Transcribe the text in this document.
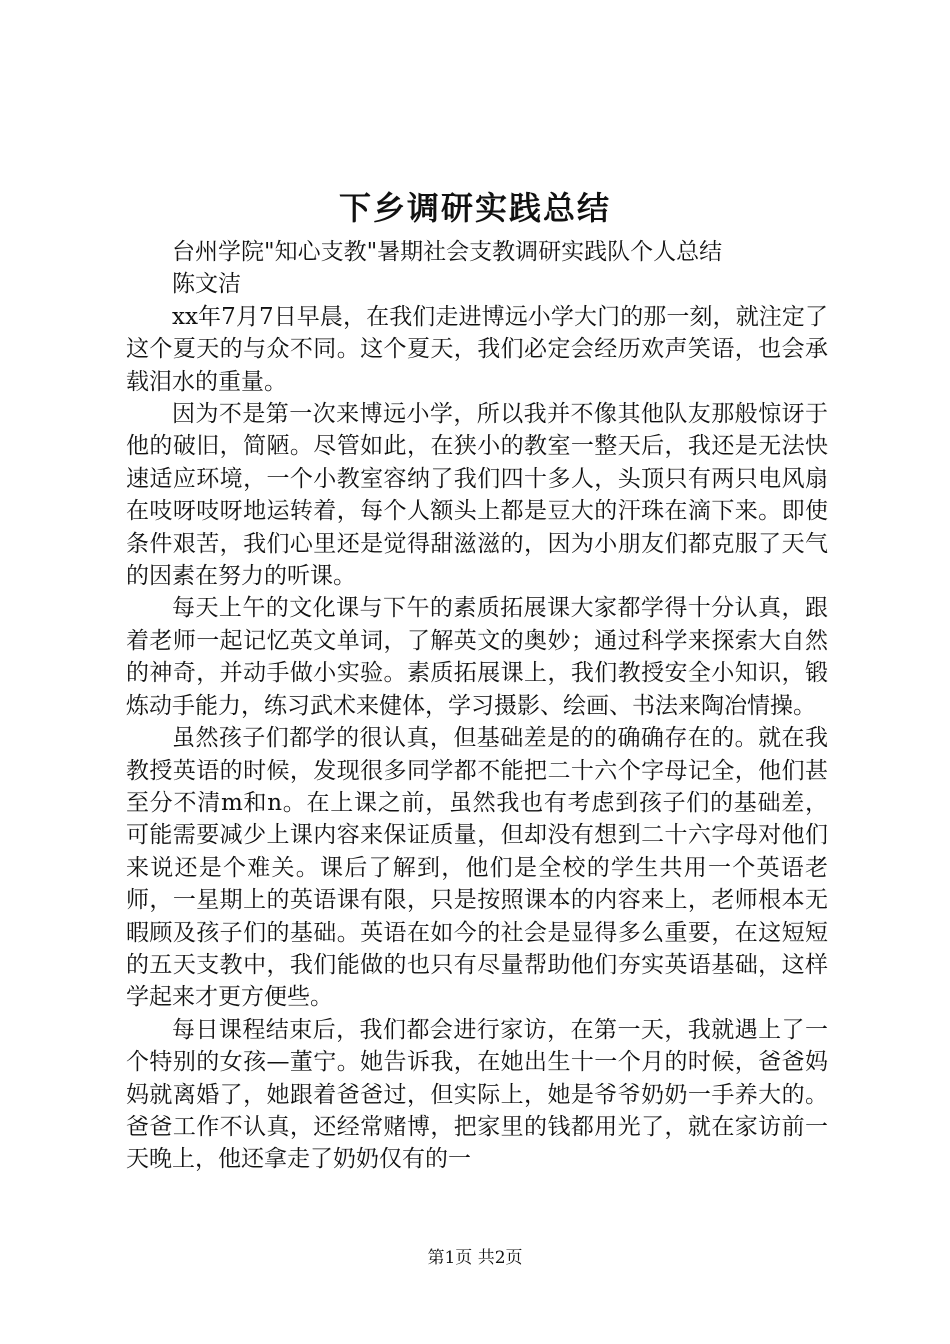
下乡调研实践总结

台州学院"知心支教"暑期社会支教调研实践队个人总结

陈文洁

xx年7月7日早晨，在我们走进博远小学大门的那一刻，就注定了这个夏天的与众不同。这个夏天，我们必定会经历欢声笑语，也会承载泪水的重量。

因为不是第一次来博远小学，所以我并不像其他队友那般惊讶于他的破旧，简陋。尽管如此，在狭小的教室一整天后，我还是无法快速适应环境，一个小教室容纳了我们四十多人，头顶只有两只电风扇在吱呀吱呀地运转着，每个人额头上都是豆大的汗珠在滴下来。即使条件艰苦，我们心里还是觉得甜滋滋的，因为小朋友们都克服了天气的因素在努力的听课。

每天上午的文化课与下午的素质拓展课大家都学得十分认真，跟着老师一起记忆英文单词，了解英文的奥妙；通过科学来探索大自然的神奇，并动手做小实验。素质拓展课上，我们教授安全小知识，锻炼动手能力，练习武术来健体，学习摄影、绘画、书法来陶冶情操。

虽然孩子们都学的很认真，但基础差是的的确确存在的。就在我教授英语的时候，发现很多同学都不能把二十六个字母记全，他们甚至分不清m和n。在上课之前，虽然我也有考虑到孩子们的基础差，可能需要减少上课内容来保证质量，但却没有想到二十六字母对他们来说还是个难关。课后了解到，他们是全校的学生共用一个英语老师，一星期上的英语课有限，只是按照课本的内容来上，老师根本无暇顾及孩子们的基础。英语在如今的社会是显得多么重要，在这短短的五天支教中，我们能做的也只有尽量帮助他们夯实英语基础，这样学起来才更方便些。

每日课程结束后，我们都会进行家访，在第一天，我就遇上了一个特别的女孩—董宁。她告诉我，在她出生十一个月的时候，爸爸妈妈就离婚了，她跟着爸爸过，但实际上，她是爷爷奶奶一手养大的。爸爸工作不认真，还经常赌博，把家里的钱都用光了，就在家访前一天晚上，他还拿走了奶奶仅有的一

第1页 共2页
